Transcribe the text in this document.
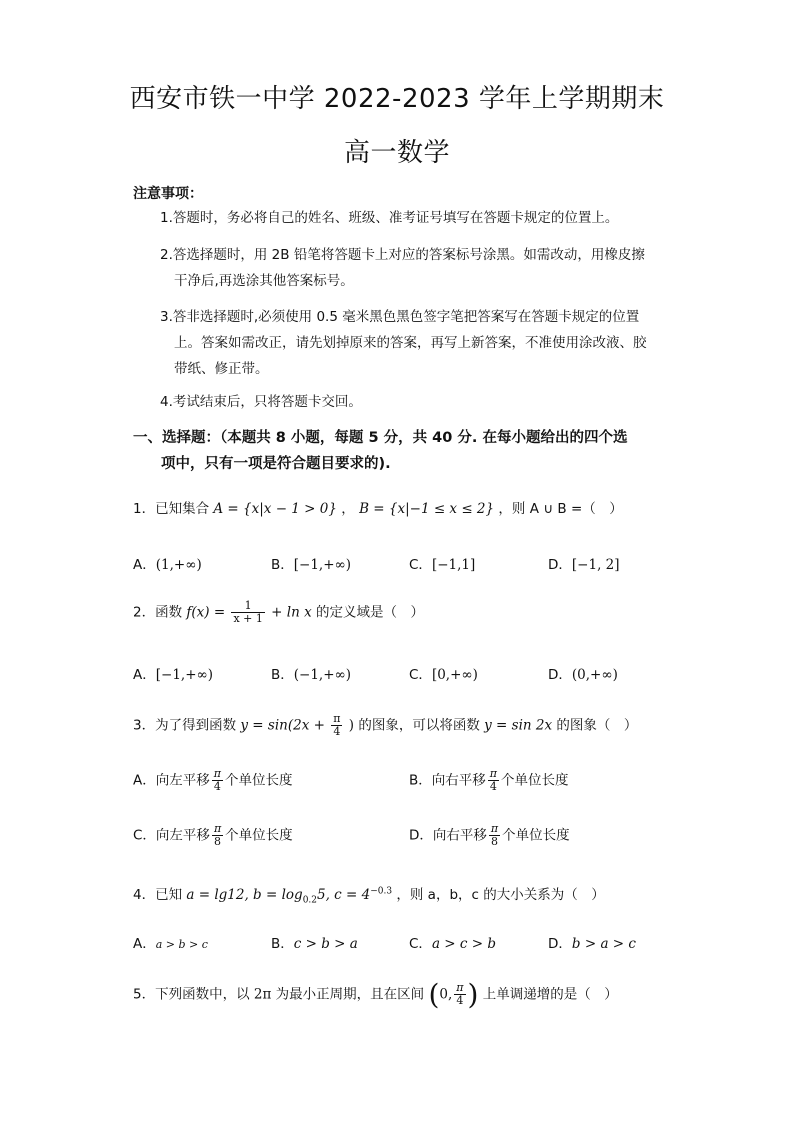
西安市铁一中学 2022-2023 学年上学期期末
高一数学
注意事项：
1.答题时，务必将自己的姓名、班级、准考证号填写在答题卡规定的位置上。
2.答选择题时，用 2B 铅笔将答题卡上对应的答案标号涂黑。如需改动，用橡皮擦
干净后,再选涂其他答案标号。
3.答非选择题时,必须使用 0.5 毫米黑色黑色签字笔把答案写在答题卡规定的位置
上。答案如需改正，请先划掉原来的答案，再写上新答案，不准使用涂改液、胶
带纸、修正带。
4.考试结束后，只将答题卡交回。
一、选择题：（本题共 8 小题，每题 5 分，共 40 分. 在每小题给出的四个选
项中，只有一项是符合题目要求的).
1．已知集合 A = {x|x − 1 > 0} ， B = {x|−1 ≤ x ≤ 2} ，则 A ∪ B =（　）
A．(1,+∞)	B．[−1,+∞)	C．[−1,1]	D．[−1, 2]
2．函数 $f(x) = \frac{1}{x + 1} + \ln x$ 的定义域是（　）
A．[−1,+∞)	B．(−1,+∞)	C．[0,+∞)	D．(0,+∞)
3．为了得到函数 $y = \sin(2x + \frac{\pi}{4}$ ) 的图象，可以将函数 y = sin 2x 的图象（　）
A．向左平移 $\frac{\pi}{4}$ 个单位长度	B．向右平移 $\frac{\pi}{4}$ 个单位长度
C．向左平移 $\frac{\pi}{8}$ 个单位长度	D．向右平移 $\frac{\pi}{8}$ 个单位长度
4．已知 a = lg12, $b = \log_{0.2}5$, $c = 4^{-0.3}$ ，则 a，b，c 的大小关系为（　）
A．a > b > c	B．c > b > a	C．a > c > b	D．b > a > c
5．下列函数中，以 2π 为最小正周期，且在区间 (0, $\frac{\pi}{4}$ ) 上单调递增的是（　）
